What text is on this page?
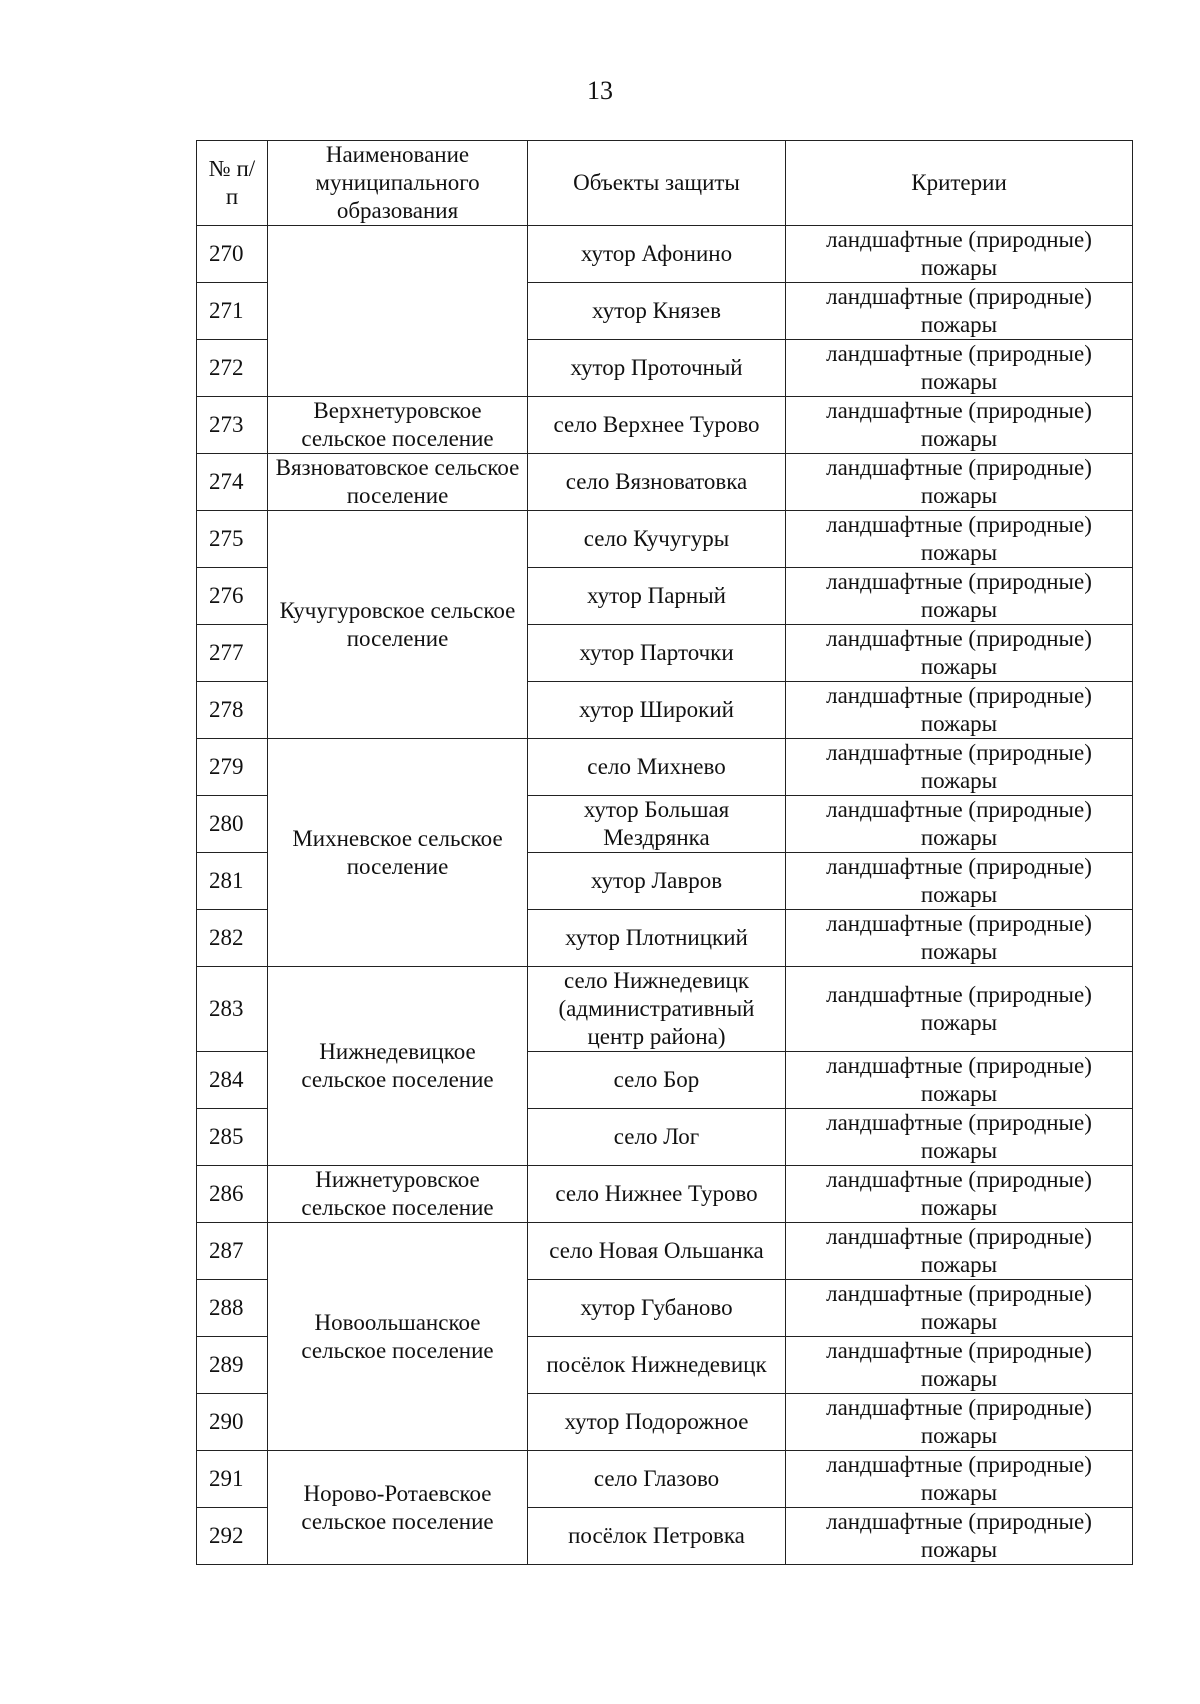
13
№ п/п	Наименование муниципального образования	Объекты защиты	Критерии
270		хутор Афонино	ландшафтные (природные) пожары
271		хутор Князев	ландшафтные (природные) пожары
272		хутор Проточный	ландшафтные (природные) пожары
273	Верхнетуровское сельское поселение	село Верхнее Турово	ландшафтные (природные) пожары
274	Вязноватовское сельское поселение	село Вязноватовка	ландшафтные (природные) пожары
275	Кучугуровское сельское поселение	село Кучугуры	ландшафтные (природные) пожары
276		хутор Парный	ландшафтные (природные) пожары
277		хутор Парточки	ландшафтные (природные) пожары
278		хутор Широкий	ландшафтные (природные) пожары
279	Михневское сельское поселение	село Михнево	ландшафтные (природные) пожары
280		хутор Большая Мездрянка	ландшафтные (природные) пожары
281		хутор Лавров	ландшафтные (природные) пожары
282		хутор Плотницкий	ландшафтные (природные) пожары
283	Нижнедевицкое сельское поселение	село Нижнедевицк (административный центр района)	ландшафтные (природные) пожары
284		село Бор	ландшафтные (природные) пожары
285		село Лог	ландшафтные (природные) пожары
286	Нижнетуровское сельское поселение	село Нижнее Турово	ландшафтные (природные) пожары
287	Новоольшанское сельское поселение	село Новая Ольшанка	ландшафтные (природные) пожары
288		хутор Губаново	ландшафтные (природные) пожары
289		посёлок Нижнедевицк	ландшафтные (природные) пожары
290		хутор Подорожное	ландшафтные (природные) пожары
291	Норово-Ротаевское сельское поселение	село Глазово	ландшафтные (природные) пожары
292		посёлок Петровка	ландшафтные (природные) пожары
